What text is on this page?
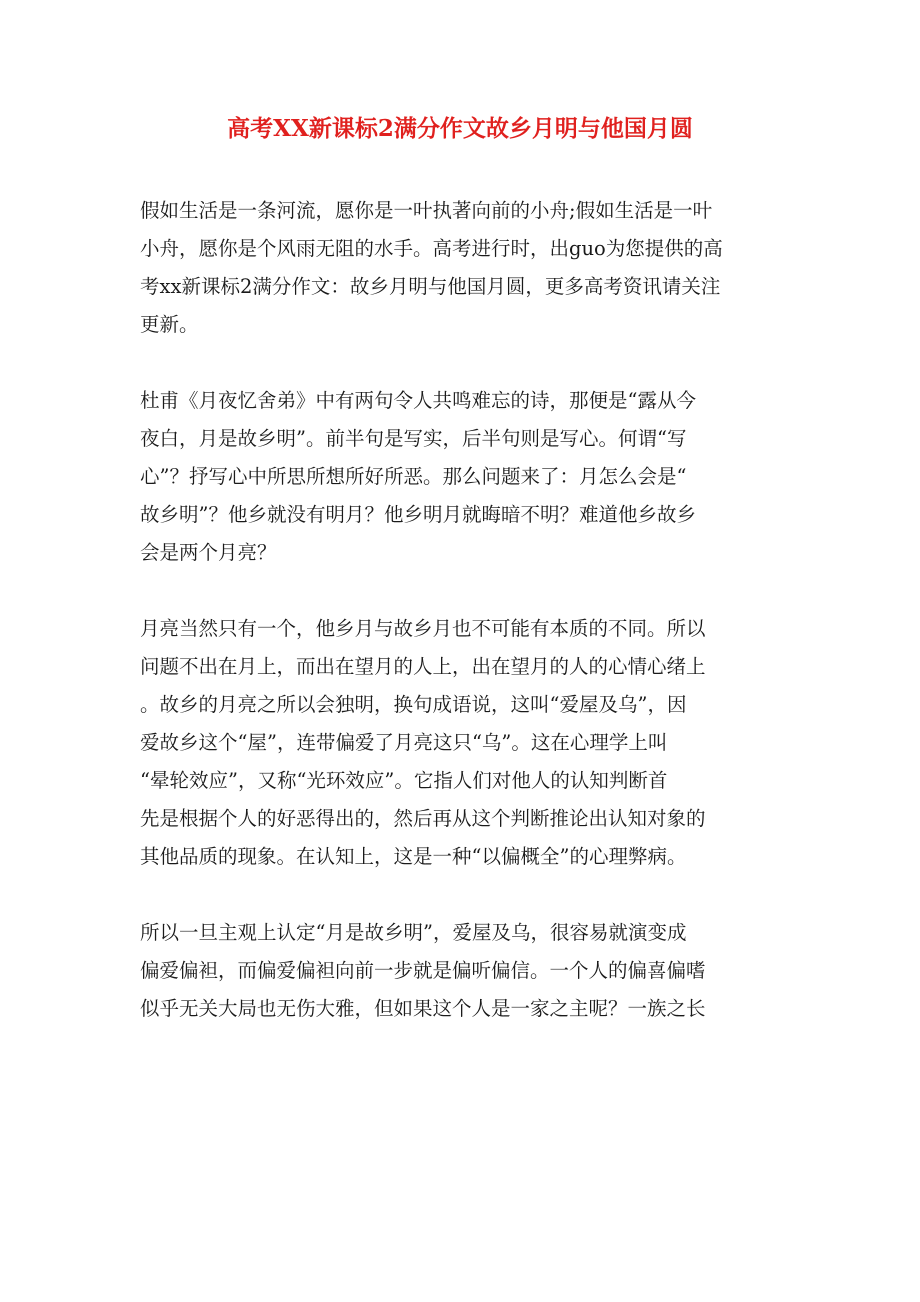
高考XX新课标2满分作文故乡月明与他国月圆

假如生活是一条河流，愿你是一叶执著向前的小舟;假如生活是一叶
小舟，愿你是个风雨无阻的水手。高考进行时，出guo为您提供的高
考xx新课标2满分作文：故乡月明与他国月圆，更多高考资讯请关注
更新。

杜甫《月夜忆舍弟》中有两句令人共鸣难忘的诗，那便是“露从今
夜白，月是故乡明”。前半句是写实，后半句则是写心。何谓“写
心”？抒写心中所思所想所好所恶。那么问题来了：月怎么会是“
故乡明”？他乡就没有明月？他乡明月就晦暗不明？难道他乡故乡
会是两个月亮？

月亮当然只有一个，他乡月与故乡月也不可能有本质的不同。所以
问题不出在月上，而出在望月的人上，出在望月的人的心情心绪上
。故乡的月亮之所以会独明，换句成语说，这叫“爱屋及乌”，因
爱故乡这个“屋”，连带偏爱了月亮这只“乌”。这在心理学上叫
“晕轮效应”，又称“光环效应”。它指人们对他人的认知判断首
先是根据个人的好恶得出的，然后再从这个判断推论出认知对象的
其他品质的现象。在认知上，这是一种“以偏概全”的心理弊病。

所以一旦主观上认定“月是故乡明”，爱屋及乌，很容易就演变成
偏爱偏袒，而偏爱偏袒向前一步就是偏听偏信。一个人的偏喜偏嗜
似乎无关大局也无伤大雅，但如果这个人是一家之主呢？一族之长
